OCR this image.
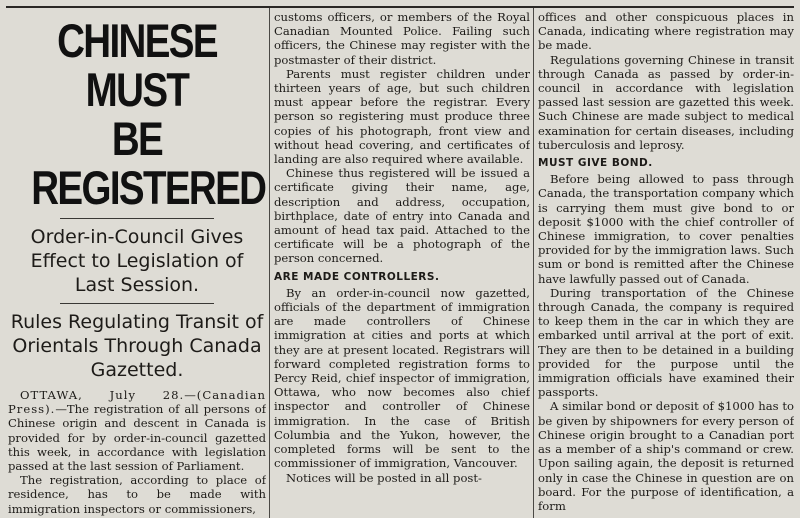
CHINESE MUST
BE REGISTERED
Order-in-Council Gives Effect to Legislation of Last Session.
Rules Regulating Transit of Orientals Through Canada Gazetted.

OTTAWA, July 28.—(Canadian Press).—The registration of all persons of Chinese origin and descent in Canada is provided for by order-in-council gazetted this week, in accordance with legislation passed at the last session of Parliament.

The registration, according to place of residence, has to be made with immigration inspectors or commissioners,

customs officers, or members of the Royal Canadian Mounted Police. Failing such officers, the Chinese may register with the postmaster of their district.

Parents must register children under thirteen years of age, but such children must appear before the registrar. Every person so registering must produce three copies of his photograph, front view and without head covering, and certificates of landing are also required where available.

Chinese thus registered will be issued a certificate giving their name, age, description and address, occupation, birthplace, date of entry into Canada and amount of head tax paid. Attached to the certificate will be a photograph of the person concerned.

ARE MADE CONTROLLERS.

By an order-in-council now gazetted, officials of the department of immigration are made controllers of Chinese immigration at cities and ports at which they are at present located. Registrars will forward completed registration forms to Percy Reid, chief inspector of immigration, Ottawa, who now becomes also chief inspector and controller of Chinese immigration. In the case of British Columbia and the Yukon, however, the completed forms will be sent to the commissioner of immigration, Vancouver.

Notices will be posted in all post-

offices and other conspicuous places in Canada, indicating where registration may be made.

Regulations governing Chinese in transit through Canada as passed by order-in-council in accordance with legislation passed last session are gazetted this week. Such Chinese are made subject to medical examination for certain diseases, including tuberculosis and leprosy.

MUST GIVE BOND.

Before being allowed to pass through Canada, the transportation company which is carrying them must give bond to or deposit $1000 with the chief controller of Chinese immigration, to cover penalties provided for by the immigration laws. Such sum or bond is remitted after the Chinese have lawfully passed out of Canada.

During transportation of the Chinese through Canada, the company is required to keep them in the car in which they are embarked until arrival at the port of exit. They are then to be detained in a building provided for the purpose until the immigration officials have examined their passports.

A similar bond or deposit of $1000 has to be given by shipowners for every person of Chinese origin brought to a Canadian port as a member of a ship's command or crew. Upon sailing again, the deposit is returned only in case the Chinese in question are on board. For the purpose of identification, a form
